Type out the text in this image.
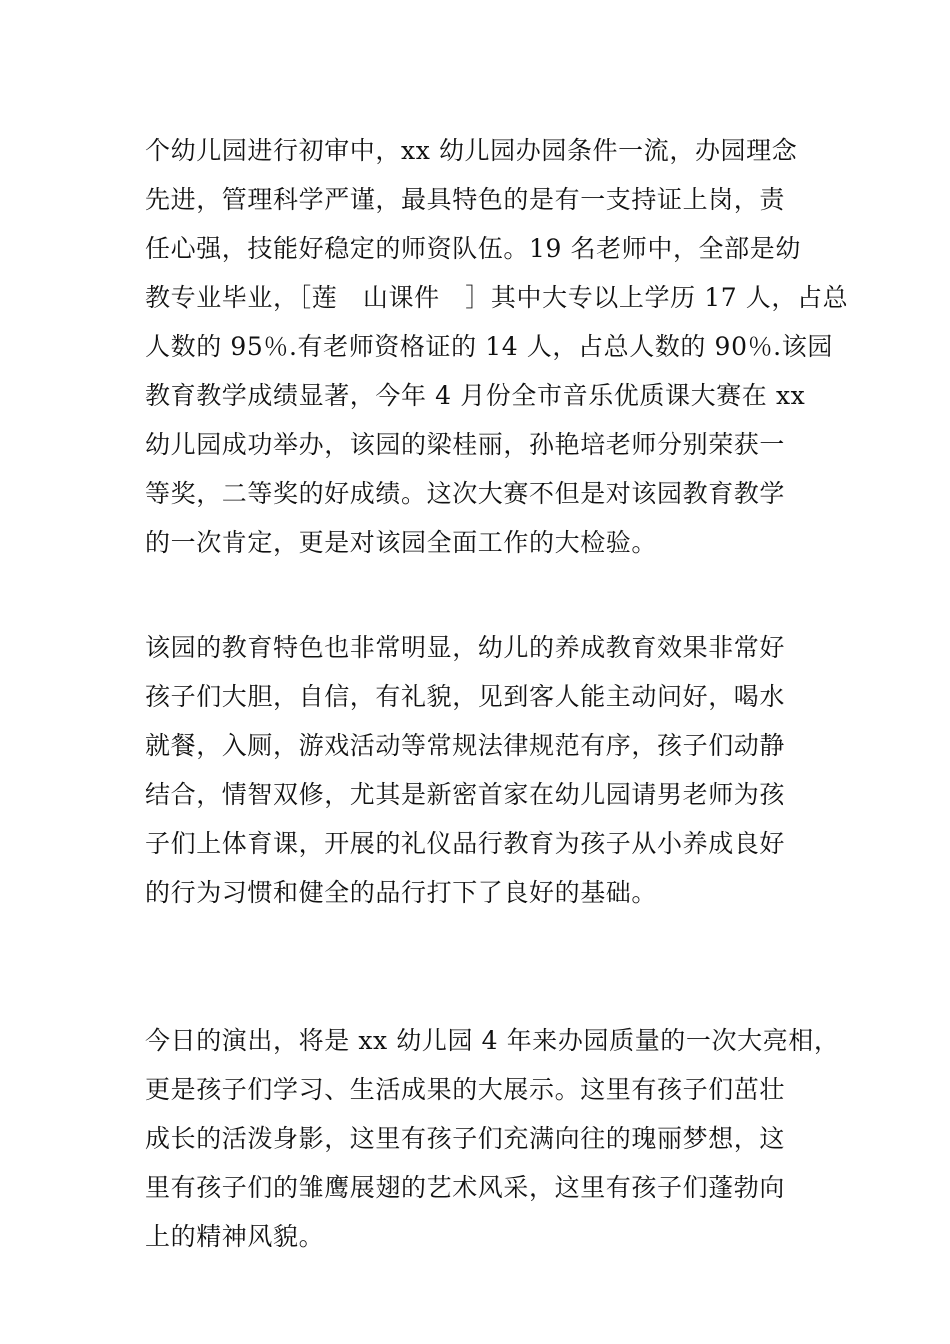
个幼儿园进行初审中，xx 幼儿园办园条件一流，办园理念
先进，管理科学严谨，最具特色的是有一支持证上岗，责
任心强，技能好稳定的师资队伍。19 名老师中，全部是幼
教专业毕业，［莲　山课件　］其中大专以上学历 17 人，占总
人数的 95％.有老师资格证的 14 人，占总人数的 90％.该园
教育教学成绩显著，今年 4 月份全市音乐优质课大赛在 xx
幼儿园成功举办，该园的梁桂丽，孙艳培老师分别荣获一
等奖，二等奖的好成绩。这次大赛不但是对该园教育教学
的一次肯定，更是对该园全面工作的大检验。
该园的教育特色也非常明显，幼儿的养成教育效果非常好
孩子们大胆，自信，有礼貌，见到客人能主动问好，喝水
就餐，入厕，游戏活动等常规法律规范有序，孩子们动静
结合，情智双修，尤其是新密首家在幼儿园请男老师为孩
子们上体育课，开展的礼仪品行教育为孩子从小养成良好
的行为习惯和健全的品行打下了良好的基础。
今日的演出，将是 xx 幼儿园 4 年来办园质量的一次大亮相，
更是孩子们学习、生活成果的大展示。这里有孩子们茁壮
成长的活泼身影，这里有孩子们充满向往的瑰丽梦想，这
里有孩子们的雏鹰展翅的艺术风采，这里有孩子们蓬勃向
上的精神风貌。
